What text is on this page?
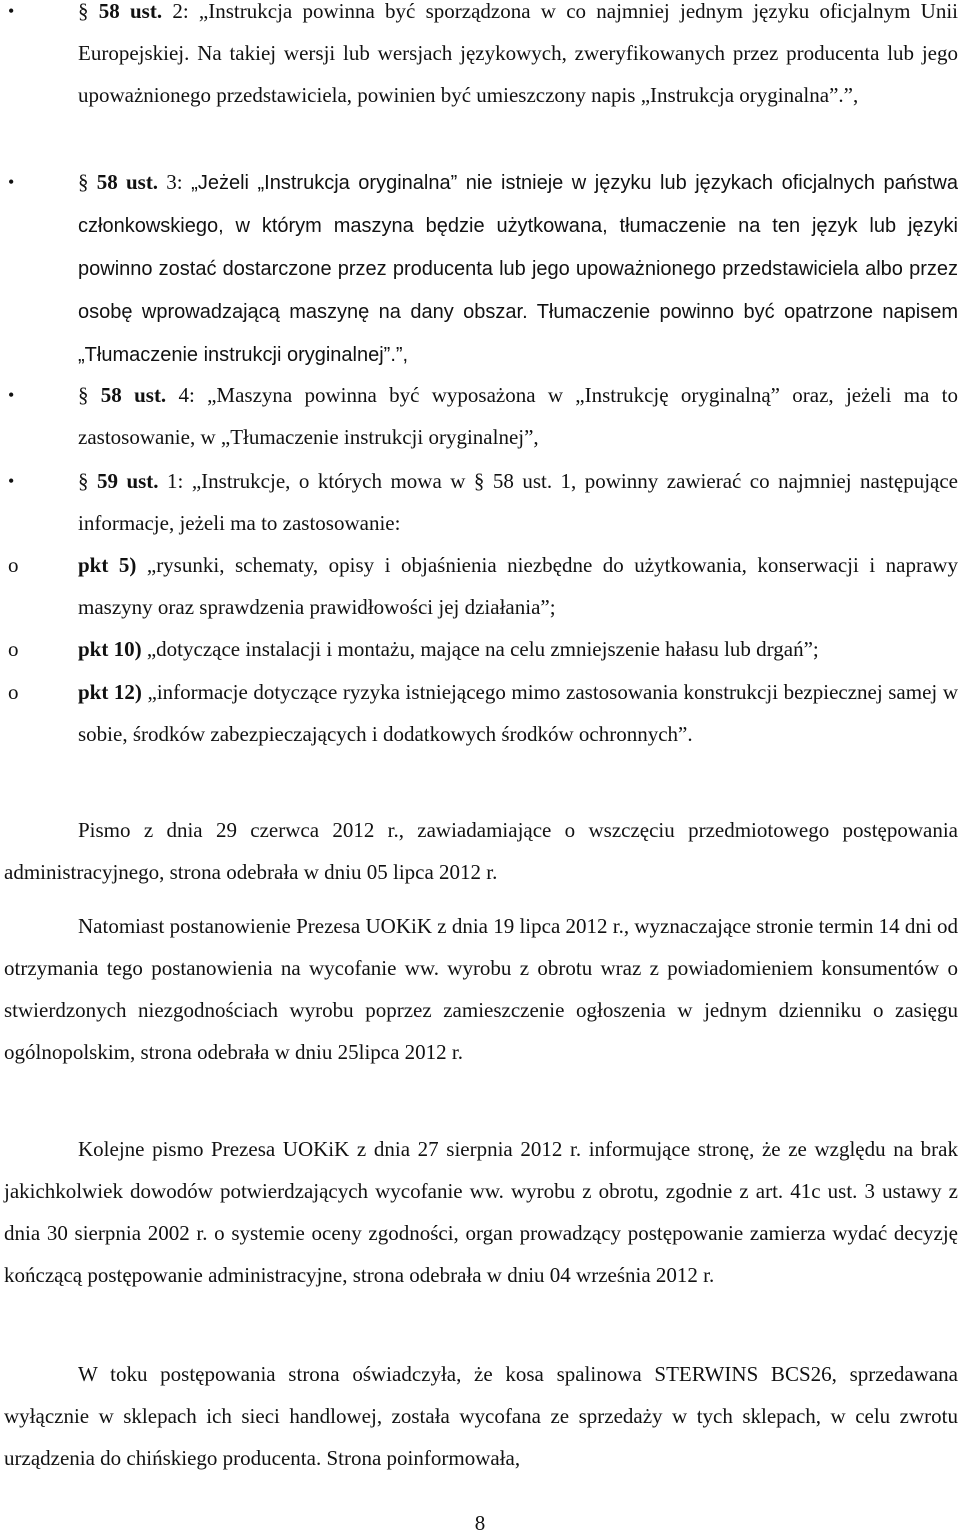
•	§ 58 ust. 2: „Instrukcja powinna być sporządzona w co najmniej jednym języku oficjalnym Unii Europejskiej. Na takiej wersji lub wersjach językowych, zweryfikowanych przez producenta lub jego upoważnionego przedstawiciela, powinien być umieszczony napis „Instrukcja oryginalna”.”,
•	§ 58 ust. 3: „Jeżeli „Instrukcja oryginalna” nie istnieje w języku lub językach oficjalnych państwa członkowskiego, w którym maszyna będzie użytkowana, tłumaczenie na ten język lub języki powinno zostać dostarczone przez producenta lub jego upoważnionego przedstawiciela albo przez osobę wprowadzającą maszynę na dany obszar. Tłumaczenie powinno być opatrzone napisem „Tłumaczenie instrukcji oryginalnej”.”,
•	§ 58 ust. 4: „Maszyna powinna być wyposażona w „Instrukcję oryginalną” oraz, jeżeli ma to zastosowanie, w „Tłumaczenie instrukcji oryginalnej”,
•	§ 59 ust. 1: „Instrukcje, o których mowa w § 58 ust. 1, powinny zawierać co najmniej następujące informacje, jeżeli ma to zastosowanie:
o	pkt 5) „rysunki, schematy, opisy i objaśnienia niezbędne do użytkowania, konserwacji i naprawy maszyny oraz sprawdzenia prawidłowości jej działania”;
o	pkt 10) „dotyczące instalacji i montażu, mające na celu zmniejszenie hałasu lub drgań”;
o	pkt 12) „informacje dotyczące ryzyka istniejącego mimo zastosowania konstrukcji bezpiecznej samej w sobie, środków zabezpieczających i dodatkowych środków ochronnych”.
Pismo z dnia 29 czerwca 2012 r., zawiadamiające o wszczęciu przedmiotowego postępowania administracyjnego, strona odebrała w dniu 05 lipca 2012 r.
Natomiast postanowienie Prezesa UOKiK z dnia 19 lipca 2012 r., wyznaczające stronie termin 14 dni od otrzymania tego postanowienia na wycofanie ww. wyrobu z obrotu wraz z powiadomieniem konsumentów o stwierdzonych niezgodnościach wyrobu poprzez zamieszczenie ogłoszenia w jednym dzienniku o zasięgu ogólnopolskim, strona odebrała w dniu 25lipca 2012 r.
Kolejne pismo Prezesa UOKiK z dnia 27 sierpnia 2012 r. informujące stronę, że ze względu na brak jakichkolwiek dowodów potwierdzających wycofanie ww. wyrobu z obrotu, zgodnie z art. 41c ust. 3 ustawy z dnia 30 sierpnia 2002 r. o systemie oceny zgodności, organ prowadzący postępowanie zamierza wydać decyzję kończącą postępowanie administracyjne, strona odebrała w dniu 04 września 2012 r.
W toku postępowania strona oświadczyła, że kosa spalinowa STERWINS BCS26, sprzedawana wyłącznie w sklepach ich sieci handlowej, została wycofana ze sprzedaży w tych sklepach, w celu zwrotu urządzenia do chińskiego producenta. Strona poinformowała,
8
